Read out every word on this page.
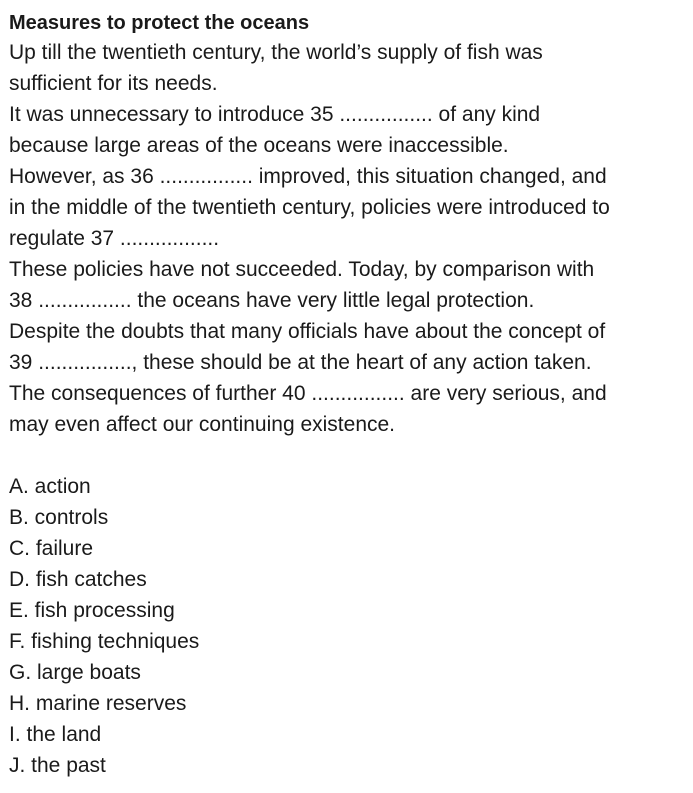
Measures to protect the oceans
Up till the twentieth century, the world’s supply of fish was
sufficient for its needs.
It was unnecessary to introduce 35 ................ of any kind
because large areas of the oceans were inaccessible.
However, as 36 ................ improved, this situation changed, and
in the middle of the twentieth century, policies were introduced to
regulate 37 .................
These policies have not succeeded. Today, by comparison with
38 ................ the oceans have very little legal protection.
Despite the doubts that many officials have about the concept of
39 ................, these should be at the heart of any action taken.
The consequences of further 40 ................ are very serious, and
may even affect our continuing existence.
A. action
B. controls
C. failure
D. fish catches
E. fish processing
F. fishing techniques
G. large boats
H. marine reserves
I. the land
J. the past
